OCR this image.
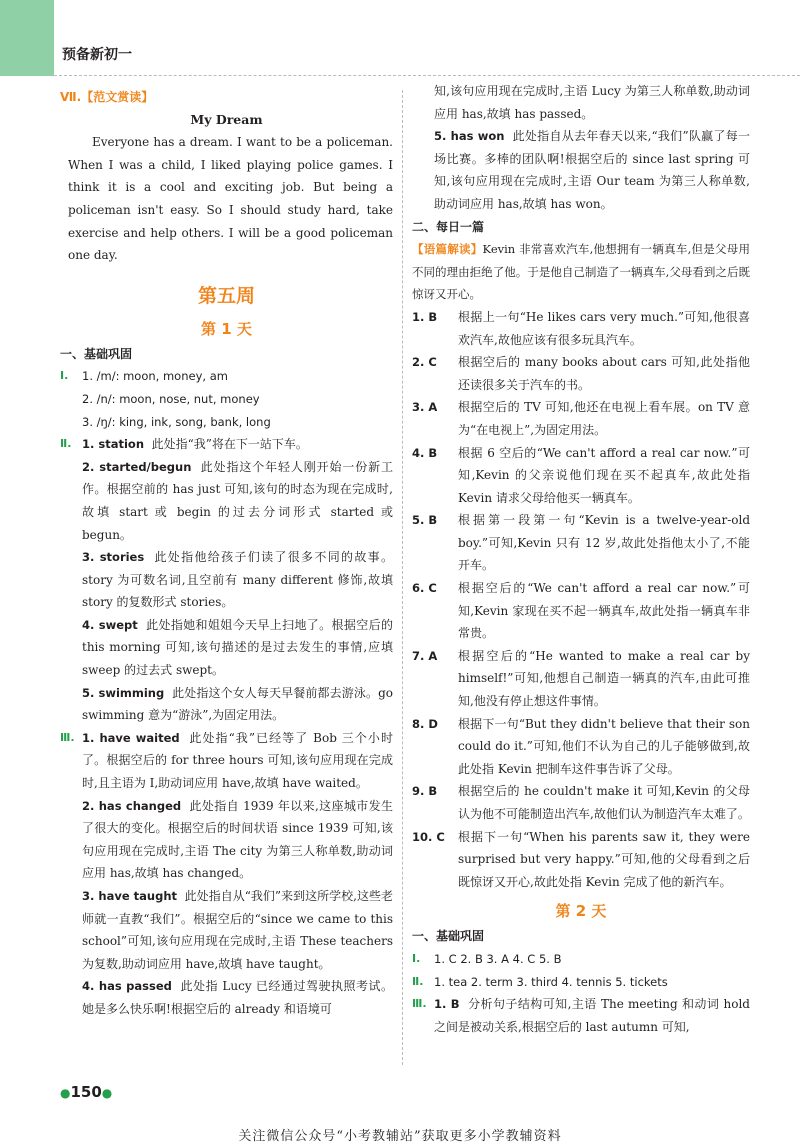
预备新初一
Ⅶ.【范文赏读】
My Dream

Everyone has a dream. I want to be a policeman. When I was a child, I liked playing police games. I think it is a cool and exciting job. But being a policeman isn't easy. So I should study hard, take exercise and help others. I will be a good policeman one day.

第五周
第 1 天
一、基础巩固
Ⅰ.	1. /m/: moon, money, am
2. /n/: moon, nose, nut, money
3. /ŋ/: king, ink, song, bank, long
Ⅱ. 1. station 此处指“我”将在下一站下车。
2. started/begun 此处指这个年轻人刚开始一份新工作。根据空前的 has just 可知,该句的时态为现在完成时,故填 start 或 begin 的过去分词形式 started 或 begun。
3. stories 此处指他给孩子们读了很多不同的故事。story 为可数名词,且空前有 many different 修饰,故填 story 的复数形式 stories。
4. swept 此处指她和姐姐今天早上扫地了。根据空后的 this morning 可知,该句描述的是过去发生的事情,应填 sweep 的过去式 swept。
5. swimming 此处指这个女人每天早餐前都去游泳。go swimming 意为“游泳”,为固定用法。
Ⅲ. 1. have waited 此处指“我”已经等了 Bob 三个小时了。根据空后的 for three hours 可知,该句应用现在完成时,且主语为 I,助动词应用 have,故填 have waited。
2. has changed 此处指自 1939 年以来,这座城市发生了很大的变化。根据空后的时间状语 since 1939 可知,该句应用现在完成时,主语 The city 为第三人称单数,助动词应用 has,故填 has changed。
3. have taught 此处指自从“我们”来到这所学校,这些老师就一直教“我们”。根据空后的“since we came to this school”可知,该句应用现在完成时,主语 These teachers 为复数,助动词应用 have,故填 have taught。
4. has passed 此处指 Lucy 已经通过驾驶执照考试。她是多么快乐啊!根据空后的 already 和语境可
知,该句应用现在完成时,主语 Lucy 为第三人称单数,助动词应用 has,故填 has passed。
5. has won 此处指自从去年春天以来,“我们”队赢了每一场比赛。多棒的团队啊!根据空后的 since last spring 可知,该句应用现在完成时,主语 Our team 为第三人称单数,助动词应用 has,故填 has won。
二、每日一篇
【语篇解读】Kevin 非常喜欢汽车,他想拥有一辆真车,但是父母用不同的理由拒绝了他。于是他自己制造了一辆真车,父母看到之后既惊讶又开心。
1. B	根据上一句“He likes cars very much.”可知,他很喜欢汽车,故他应该有很多玩具汽车。
2. C	根据空后的 many books about cars 可知,此处指他还读很多关于汽车的书。
3. A	根据空后的 TV 可知,他还在电视上看车展。on TV 意为“在电视上”,为固定用法。
4. B	根据 6 空后的“We can't afford a real car now.”可知,Kevin 的父亲说他们现在买不起真车,故此处指 Kevin 请求父母给他买一辆真车。
5. B	根据第一段第一句“Kevin is a twelve-year-old boy.”可知,Kevin 只有 12 岁,故此处指他太小了,不能开车。
6. C	根据空后的“We can't afford a real car now.”可知,Kevin 家现在买不起一辆真车,故此处指一辆真车非常贵。
7. A	根据空后的“He wanted to make a real car by himself!”可知,他想自己制造一辆真的汽车,由此可推知,他没有停止想这件事情。
8. D	根据下一句“But they didn't believe that their son could do it.”可知,他们不认为自己的儿子能够做到,故此处指 Kevin 把制车这件事告诉了父母。
9. B	根据空后的 he couldn't make it 可知,Kevin 的父母认为他不可能制造出汽车,故他们认为制造汽车太难了。
10. C	根据下一句“When his parents saw it, they were surprised but very happy.”可知,他的父母看到之后既惊讶又开心,故此处指 Kevin 完成了他的新汽车。
第 2 天
一、基础巩固
Ⅰ.	1. C 2. B 3. A 4. C 5. B
Ⅱ. 1. tea 2. term 3. third 4. tennis 5. tickets
Ⅲ. 1. B 分析句子结构可知,主语 The meeting 和动词 hold 之间是被动关系,根据空后的 last autumn 可知,
●150●
关注微信公众号“小考教辅站”获取更多小学教辅资料
